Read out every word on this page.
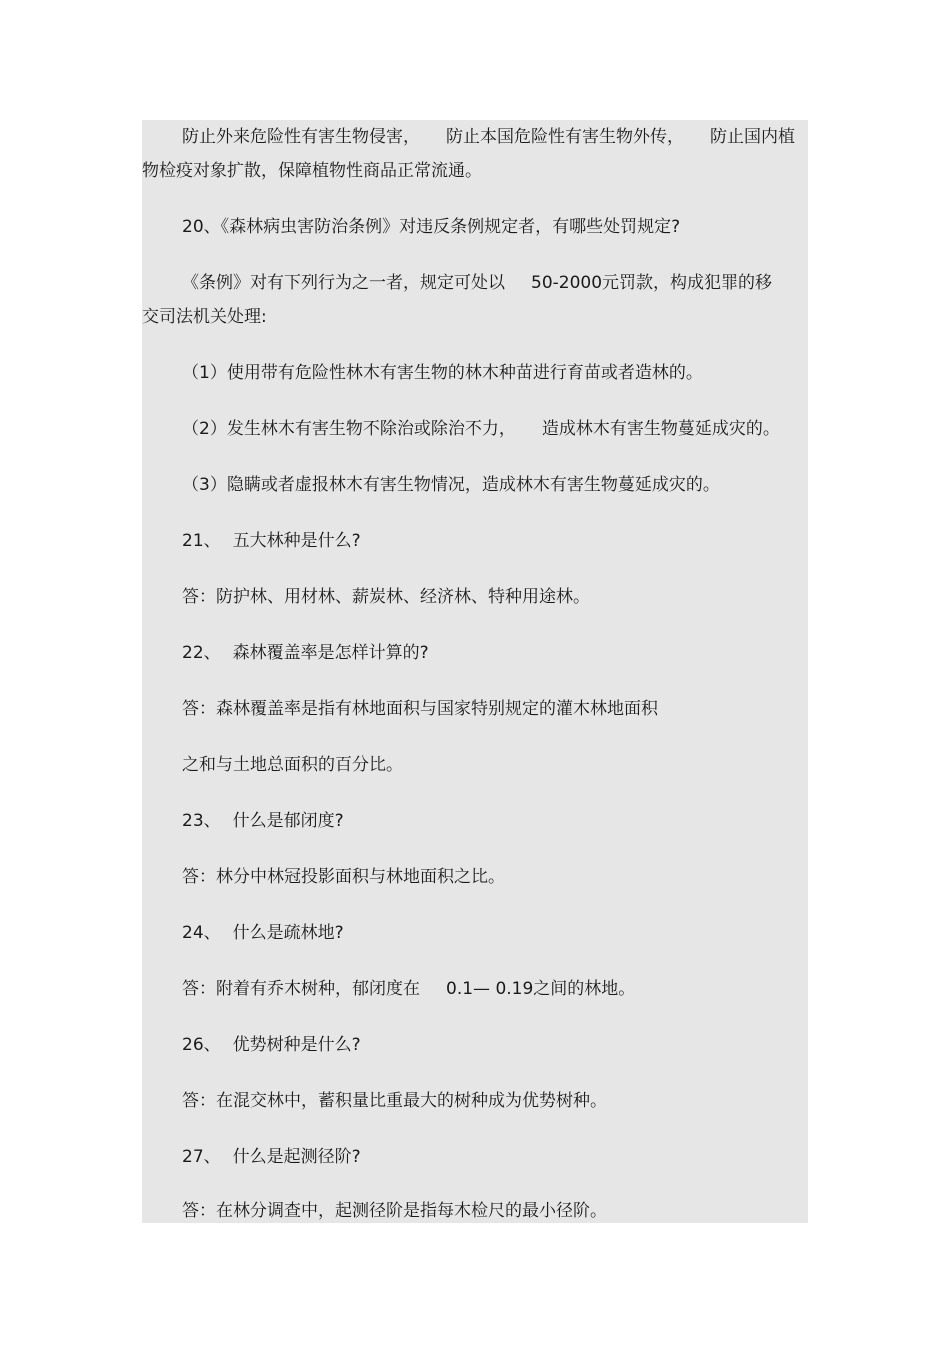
防止外来危险性有害生物侵害， 防止本国危险性有害生物外传， 防止国内植
物检疫对象扩散，保障植物性商品正常流通。
20、《森林病虫害防治条例》对违反条例规定者，有哪些处罚规定?
《条例》对有下列行为之一者，规定可处以 50-2000元罚款，构成犯罪的移
交司法机关处理:
（1）使用带有危险性林木有害生物的林木种苗进行育苗或者造林的。
（2）发生林木有害生物不除治或除治不力， 造成林木有害生物蔓延成灾的。
（3）隐瞒或者虚报林木有害生物情况，造成林木有害生物蔓延成灾的。
21、 五大林种是什么?
答：防护林、用材林、薪炭林、经济林、特种用途林。
22、 森林覆盖率是怎样计算的?
答：森林覆盖率是指有林地面积与国家特别规定的灌木林地面积
之和与土地总面积的百分比。
23、 什么是郁闭度?
答：林分中林冠投影面积与林地面积之比。
24、 什么是疏林地?
答：附着有乔木树种，郁闭度在 0.1— 0.19之间的林地。
26、 优势树种是什么?
答：在混交林中，蓄积量比重最大的树种成为优势树种。
27、 什么是起测径阶?
答：在林分调查中，起测径阶是指每木检尺的最小径阶。
